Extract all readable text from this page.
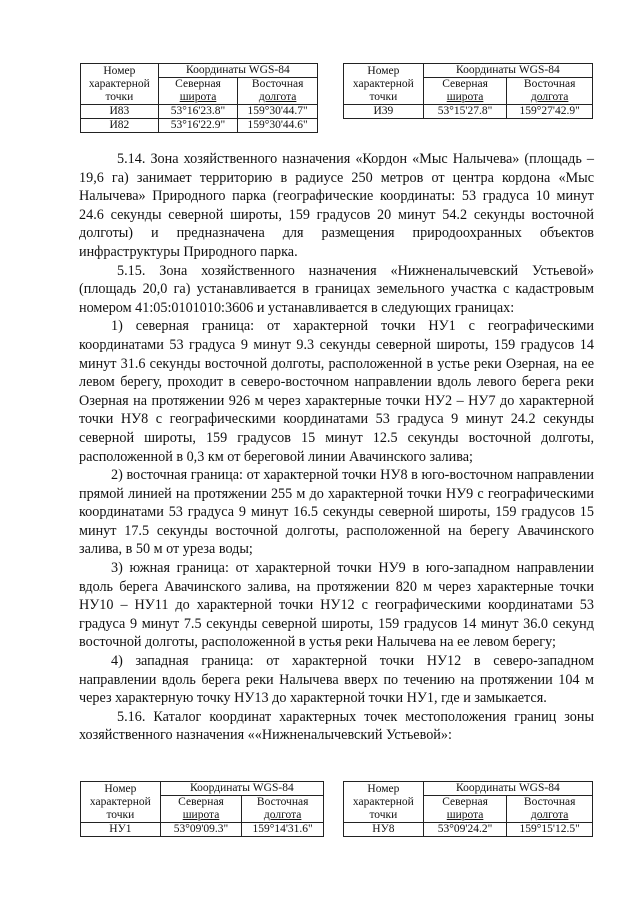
Номер
характерной
точки	Координаты WGS-84	
	Северная	Восточная
	широта	долгота
И83	53°16'23.8"	159°30'44.7"
И82	53°16'22.9"	159°30'44.6"
Номер
характерной
точки	Координаты WGS-84	
	Северная	Восточная
	широта	долгота
И39	53°15'27.8"	159°27'42.9"

5.14. Зона хозяйственного назначения «Кордон «Мыс Налычева» (площадь – 19,6 га) занимает территорию в радиусе 250 метров от центра кордона «Мыс Налычева» Природного парка (географические координаты: 53 градуса 10 минут 24.6 секунды северной широты, 159 градусов 20 минут 54.2 секунды восточной долготы) и предназначена для размещения природоохранных объектов инфраструктуры Природного парка.

5.15. Зона хозяйственного назначения «Нижненалычевский Устьевой» (площадь 20,0 га) устанавливается в границах земельного участка с кадастровым номером 41:05:0101010:3606 и устанавливается в следующих границах:

1) северная граница: от характерной точки НУ1 с географическими координатами 53 градуса 9 минут 9.3 секунды северной широты, 159 градусов 14 минут 31.6 секунды восточной долготы, расположенной в устье реки Озерная, на ее левом берегу, проходит в северо-восточном направлении вдоль левого берега реки Озерная на протяжении 926 м через характерные точки НУ2 – НУ7 до характерной точки НУ8 с географическими координатами 53 градуса 9 минут 24.2 секунды северной широты, 159 градусов 15 минут 12.5 секунды восточной долготы, расположенной в 0,3 км от береговой линии Авачинского залива;

2) восточная граница: от характерной точки НУ8 в юго-восточном направлении прямой линией на протяжении 255 м до характерной точки НУ9 с географическими координатами 53 градуса 9 минут 16.5 секунды северной широты, 159 градусов 15 минут 17.5 секунды восточной долготы, расположенной на берегу Авачинского залива, в 50 м от уреза воды;

3) южная граница: от характерной точки НУ9 в юго-западном направлении вдоль берега Авачинского залива, на протяжении 820 м через характерные точки НУ10 – НУ11 до характерной точки НУ12 с географическими координатами 53 градуса 9 минут 7.5 секунды северной широты, 159 градусов 14 минут 36.0 секунд восточной долготы, расположенной в устья реки Налычева на ее левом берегу;

4) западная граница: от характерной точки НУ12 в северо-западном направлении вдоль берега реки Налычева вверх по течению на протяжении 104 м через характерную точку НУ13 до характерной точки НУ1, где и замыкается.

5.16. Каталог координат характерных точек местоположения границ зоны хозяйственного назначения ««Нижненалычевский Устьевой»:

Номер
характерной
точки	Координаты WGS-84	
	Северная	Восточная
	широта	долгота
НУ1	53°09'09.3"	159°14'31.6"
Номер
характерной
точки	Координаты WGS-84	
	Северная	Восточная
	широта	долгота
НУ8	53°09'24.2"	159°15'12.5"
